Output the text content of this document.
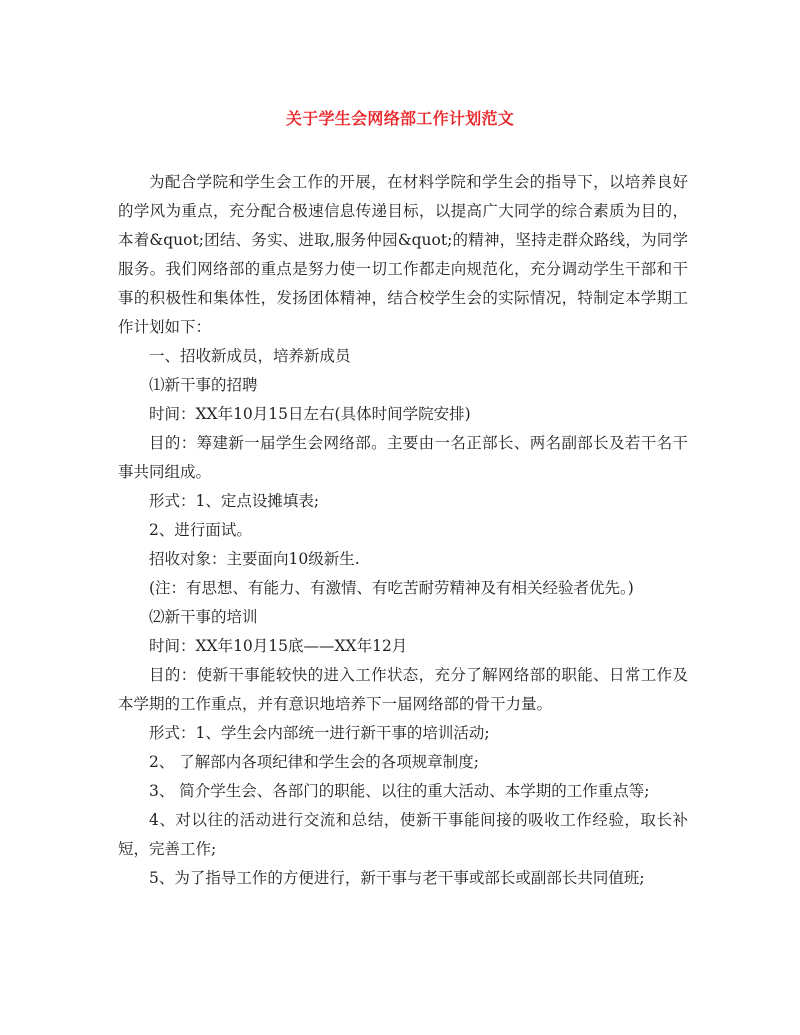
关于学生会网络部工作计划范文

为配合学院和学生会工作的开展，在材料学院和学生会的指导下，以培养良好的学风为重点，充分配合极速信息传递目标，以提高广大同学的综合素质为目的，本着&quot;团结、务实、进取,服务仲园&quot;的精神，坚持走群众路线，为同学服务。我们网络部的重点是努力使一切工作都走向规范化，充分调动学生干部和干事的积极性和集体性，发扬团体精神，结合校学生会的实际情况，特制定本学期工作计划如下：

一、招收新成员，培养新成员

⑴新干事的招聘

时间：XX年10月15日左右(具体时间学院安排)

目的：筹建新一届学生会网络部。主要由一名正部长、两名副部长及若干名干事共同组成。

形式：1、定点设摊填表;

2、进行面试。

招收对象：主要面向10级新生.

(注：有思想、有能力、有激情、有吃苦耐劳精神及有相关经验者优先。)

⑵新干事的培训

时间：XX年10月15底——XX年12月

目的：使新干事能较快的进入工作状态，充分了解网络部的职能、日常工作及本学期的工作重点，并有意识地培养下一届网络部的骨干力量。

形式：1、学生会内部统一进行新干事的培训活动;

2、 了解部内各项纪律和学生会的各项规章制度;

3、 简介学生会、各部门的职能、以往的重大活动、本学期的工作重点等;

4、对以往的活动进行交流和总结，使新干事能间接的吸收工作经验，取长补短，完善工作;

5、为了指导工作的方便进行，新干事与老干事或部长或副部长共同值班;
